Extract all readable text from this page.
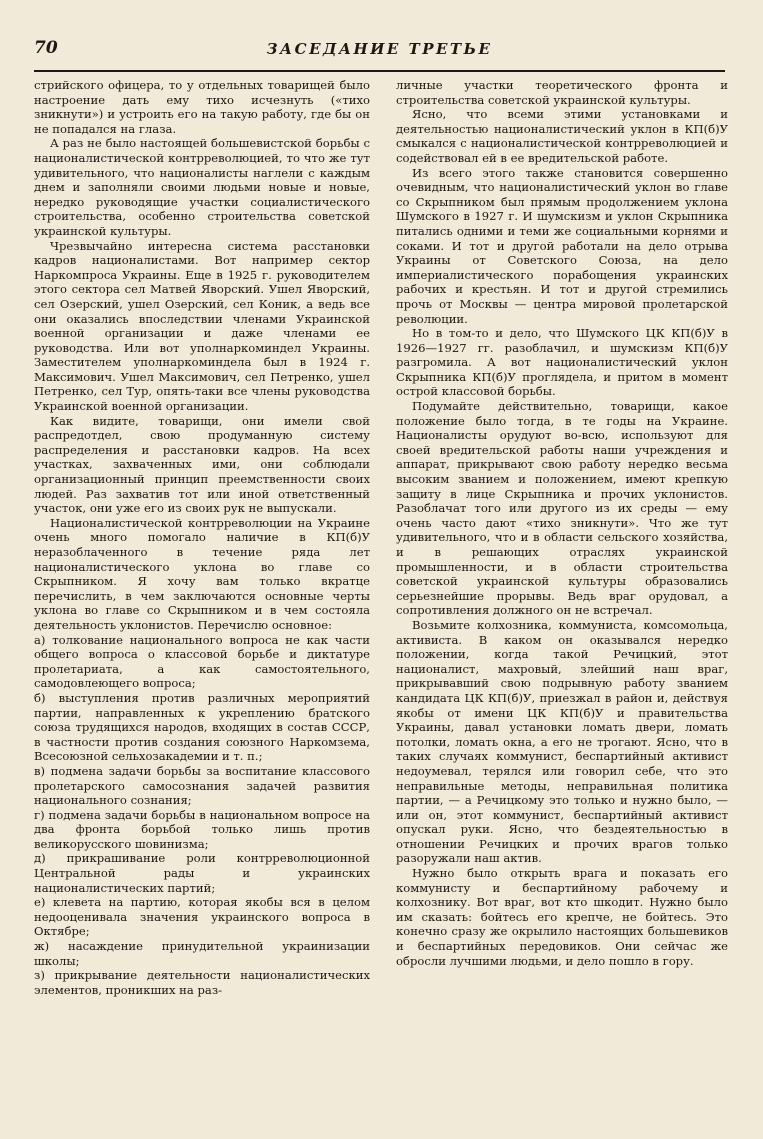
70	ЗАСЕДАНИЕ ТРЕТЬЕ

стрийского офицера, то у отдельных товарищей было настроение дать ему тихо исчезнуть («тихо зникнути») и устроить его на такую работу, где бы он не попадался на глаза.

А раз не было настоящей большевистской борьбы с националистической контрреволюцией, то что же тут удивительного, что националисты наглели с каждым днем и заполняли своими людьми новые и новые, нередко руководящие участки социалистического строительства, особенно строительства советской украинской культуры.

Чрезвычайно интересна система расстановки кадров националистами. Вот например сектор Наркомпроса Украины. Еще в 1925 г. руководителем этого сектора сел Матвей Яворский. Ушел Яворский, сел Озерский, ушел Озерский, сел Коник, а ведь все они оказались впоследствии членами Украинской военной организации и даже членами ее руководства. Или вот уполнаркоминдел Украины. Заместителем уполнаркоминдела был в 1924 г. Максимович. Ушел Максимович, сел Петренко, ушел Петренко, сел Тур, опять-таки все члены руководства Украинской военной организации.

Как видите, товарищи, они имели свой распредотдел, свою продуманную систему распределения и расстановки кадров. На всех участках, захваченных ими, они соблюдали организационный принцип преемственности своих людей. Раз захватив тот или иной ответственный участок, они уже его из своих рук не выпускали.

Националистической контрреволюции на Украине очень много помогало наличие в КП(б)У неразоблаченного в течение ряда лет националистического уклона во главе со Скрыпником. Я хочу вам только вкратце перечислить, в чем заключаются основные черты уклона во главе со Скрыпником и в чем состояла деятельность уклонистов. Перечислю основное:

а) толкование национального вопроса не как части общего вопроса о классовой борьбе и диктатуре пролетариата, а как самостоятельного, самодовлеющего вопроса;

б) выступления против различных мероприятий партии, направленных к укреплению братского союза трудящихся народов, входящих в состав СССР, в частности против создания союзного Наркомзема, Всесоюзной сельхозакадемии и т. п.;

в) подмена задачи борьбы за воспитание классового пролетарского самосознания задачей развития национального сознания;

г) подмена задачи борьбы в национальном вопросе на два фронта борьбой только лишь против великорусского шовинизма;

д) прикрашивание роли контрреволюционной Центральной рады и украинских националистических партий;

е) клевета на партию, которая якобы вся в целом недооценивала значения украинского вопроса в Октябре;

ж) насаждение принудительной украинизации школы;

з) прикрывание деятельности националистических элементов, проникших на раз-

личные участки теоретического фронта и строительства советской украинской культуры.

Ясно, что всеми этими установками и деятельностью националистический уклон в КП(б)У смыкался с националистической контрреволюцией и содействовал ей в ее вредительской работе.

Из всего этого также становится совершенно очевидным, что националистический уклон во главе со Скрыпником был прямым продолжением уклона Шумского в 1927 г. И шумскизм и уклон Скрыпника питались одними и теми же социальными корнями и соками. И тот и другой работали на дело отрыва Украины от Советского Союза, на дело империалистического порабощения украинских рабочих и крестьян. И тот и другой стремились прочь от Москвы — центра мировой пролетарской революции.

Но в том-то и дело, что Шумского ЦК КП(б)У в 1926—1927 гг. разоблачил, и шумскизм КП(б)У разгромила. А вот националистический уклон Скрыпника КП(б)У проглядела, и притом в момент острой классовой борьбы.

Подумайте действительно, товарищи, какое положение было тогда, в те годы на Украине. Националисты орудуют во-всю, используют для своей вредительской работы наши учреждения и аппарат, прикрывают свою работу нередко весьма высоким званием и положением, имеют крепкую защиту в лице Скрыпника и прочих уклонистов. Разоблачат того или другого из их среды — ему очень часто дают «тихо зникнути». Что же тут удивительного, что и в области сельского хозяйства, и в решающих отраслях украинской промышленности, и в области строительства советской украинской культуры образовались серьезнейшие прорывы. Ведь враг орудовал, а сопротивления должного он не встречал.

Возьмите колхозника, коммуниста, комсомольца, активиста. В каком он оказывался нередко положении, когда такой Речицкий, этот националист, махровый, злейший наш враг, прикрывавший свою подрывную работу званием кандидата ЦК КП(б)У, приезжал в район и, действуя якобы от имени ЦК КП(б)У и правительства Украины, давал установки ломать двери, ломать потолки, ломать окна, а его не трогают. Ясно, что в таких случаях коммунист, беспартийный активист недоумевал, терялся или говорил себе, что это неправильные методы, неправильная политика партии, — а Речицкому это только и нужно было, — или он, этот коммунист, беспартийный активист опускал руки. Ясно, что бездеятельностью в отношении Речицких и прочих врагов только разоружали наш актив.

Нужно было открыть врага и показать его коммунисту и беспартийному рабочему и колхознику. Вот враг, вот кто шкодит. Нужно было им сказать: бойтесь его крепче, не бойтесь. Это конечно сразу же окрылило настоящих большевиков и беспартийных передовиков. Они сейчас же обросли лучшими людьми, и дело пошло в гору.
